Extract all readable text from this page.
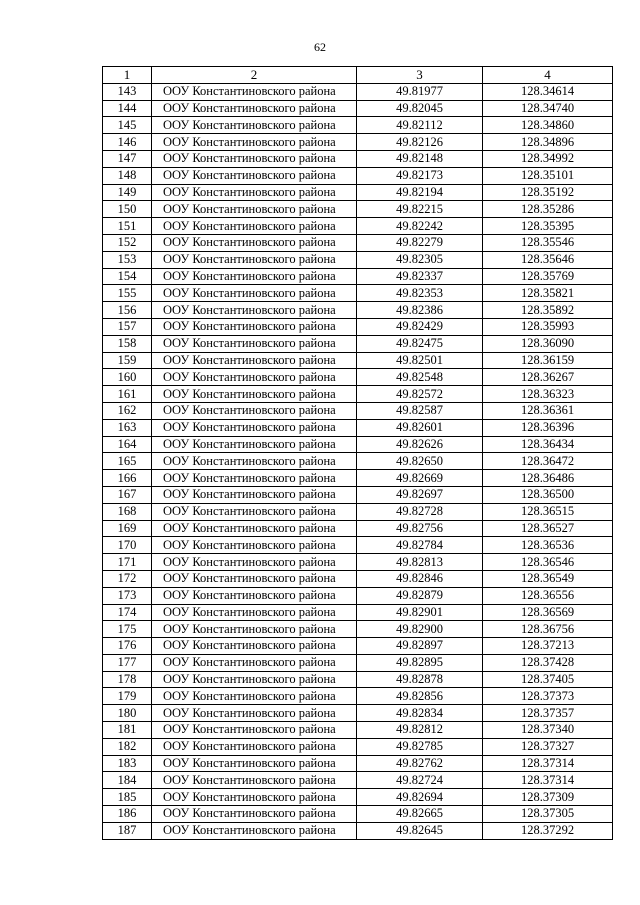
62
1	2	3	4
143	ООУ Константиновского района	49.81977	128.34614
144	ООУ Константиновского района	49.82045	128.34740
145	ООУ Константиновского района	49.82112	128.34860
146	ООУ Константиновского района	49.82126	128.34896
147	ООУ Константиновского района	49.82148	128.34992
148	ООУ Константиновского района	49.82173	128.35101
149	ООУ Константиновского района	49.82194	128.35192
150	ООУ Константиновского района	49.82215	128.35286
151	ООУ Константиновского района	49.82242	128.35395
152	ООУ Константиновского района	49.82279	128.35546
153	ООУ Константиновского района	49.82305	128.35646
154	ООУ Константиновского района	49.82337	128.35769
155	ООУ Константиновского района	49.82353	128.35821
156	ООУ Константиновского района	49.82386	128.35892
157	ООУ Константиновского района	49.82429	128.35993
158	ООУ Константиновского района	49.82475	128.36090
159	ООУ Константиновского района	49.82501	128.36159
160	ООУ Константиновского района	49.82548	128.36267
161	ООУ Константиновского района	49.82572	128.36323
162	ООУ Константиновского района	49.82587	128.36361
163	ООУ Константиновского района	49.82601	128.36396
164	ООУ Константиновского района	49.82626	128.36434
165	ООУ Константиновского района	49.82650	128.36472
166	ООУ Константиновского района	49.82669	128.36486
167	ООУ Константиновского района	49.82697	128.36500
168	ООУ Константиновского района	49.82728	128.36515
169	ООУ Константиновского района	49.82756	128.36527
170	ООУ Константиновского района	49.82784	128.36536
171	ООУ Константиновского района	49.82813	128.36546
172	ООУ Константиновского района	49.82846	128.36549
173	ООУ Константиновского района	49.82879	128.36556
174	ООУ Константиновского района	49.82901	128.36569
175	ООУ Константиновского района	49.82900	128.36756
176	ООУ Константиновского района	49.82897	128.37213
177	ООУ Константиновского района	49.82895	128.37428
178	ООУ Константиновского района	49.82878	128.37405
179	ООУ Константиновского района	49.82856	128.37373
180	ООУ Константиновского района	49.82834	128.37357
181	ООУ Константиновского района	49.82812	128.37340
182	ООУ Константиновского района	49.82785	128.37327
183	ООУ Константиновского района	49.82762	128.37314
184	ООУ Константиновского района	49.82724	128.37314
185	ООУ Константиновского района	49.82694	128.37309
186	ООУ Константиновского района	49.82665	128.37305
187	ООУ Константиновского района	49.82645	128.37292
